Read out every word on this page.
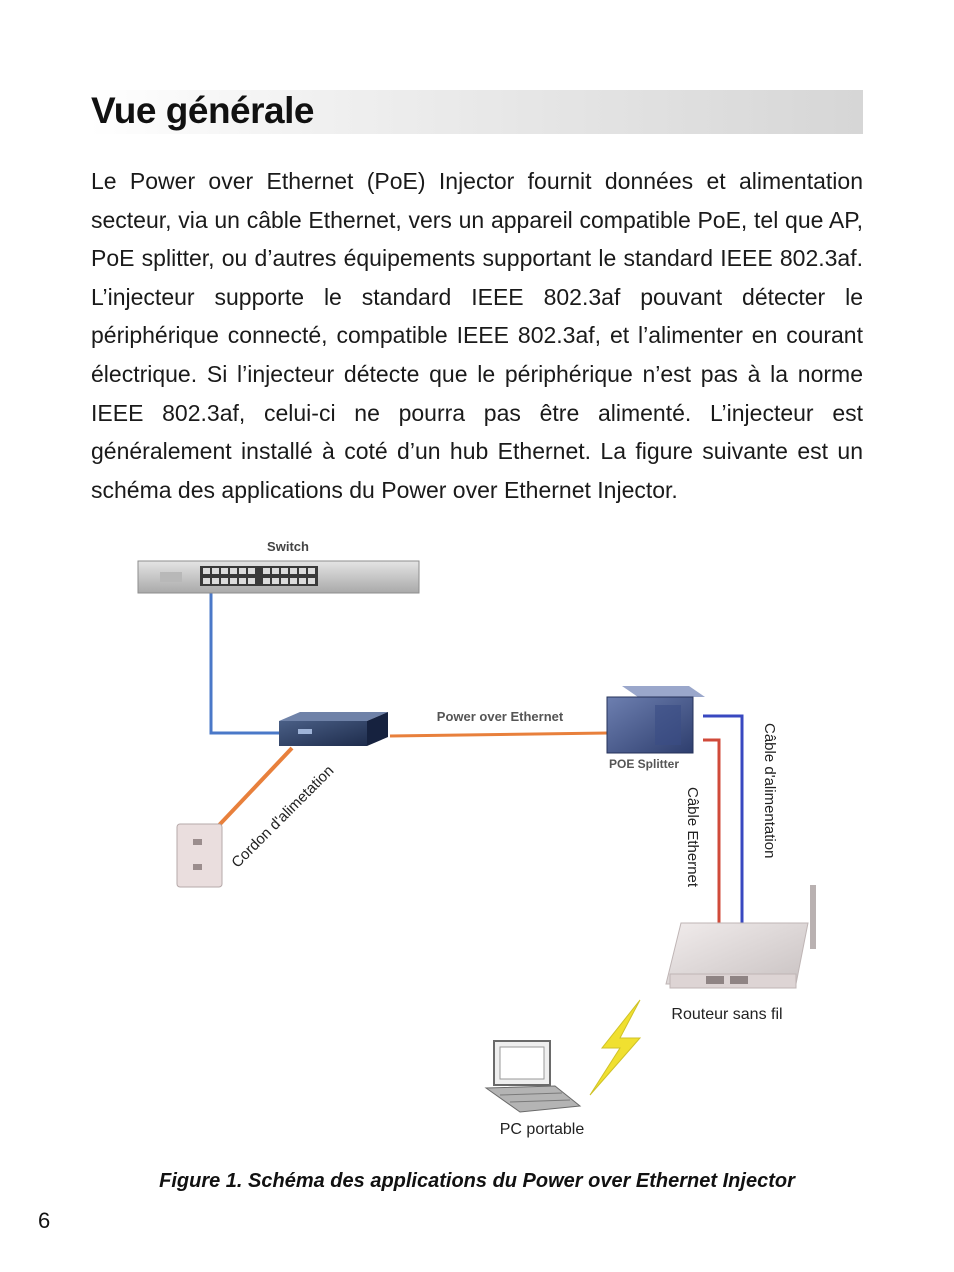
Vue générale

Le Power over Ethernet (PoE) Injector fournit données et alimentation secteur, via un câble Ethernet, vers un appareil compatible PoE, tel que AP, PoE splitter, ou d’autres équipements supportant le standard IEEE 802.3af. L’injecteur supporte le standard IEEE 802.3af pouvant détecter le périphérique connecté, compatible IEEE 802.3af, et l’alimenter en courant électrique. Si l’injecteur détecte que le périphérique n’est pas à la norme IEEE 802.3af, celui-ci ne pourra pas être alimenté. L’injecteur est généralement installé à coté d’un hub Ethernet. La figure suivante est un schéma des applications du Power over Ethernet Injector.

Switch
Power over Ethernet
Cordon d'alimetation	POE Splitter
Câble Ethernet	Câble d'alimentation
Routeur sans fil
PC portable

Figure 1. Schéma des applications du Power over Ethernet Injector

6
